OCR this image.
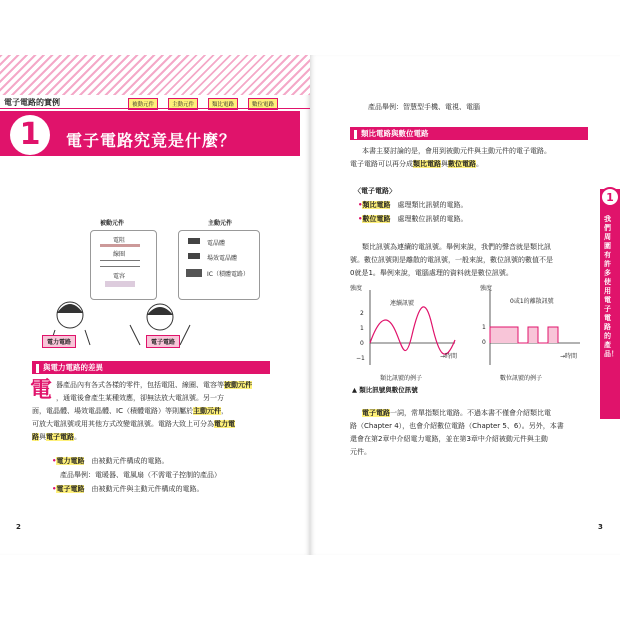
電子電路的實例	被動元件	主動元件	類比電路	數位電路
1	電子電路究竟是什麼？
被動元件	主動元件
電阻
線圈
電容
電晶體
場效電晶體
IC（積體電路）
電力電路	電子電路
與電力電路的差異
電 器產品內有各式各樣的零件，包括電阻、線圈、電容等被動元件
，通電後會產生某種效應，卻無法放大電訊號。另一方
面，電晶體、場效電晶體、IC（積體電路）等則屬於主動元件，
可放大電訊號或用其他方式改變電訊號。電路大致上可分為電力電
路與電子電路。
•電力電路　 由被動元件構成的電路。
產品舉例：電暖器、電風扇（不需電子控制的產品）
•電子電路　 由被動元件與主動元件構成的電路。
2
產品舉例：智慧型手機、電視、電腦
類比電路與數位電路
本書主要討論的是，會用到被動元件與主動元件的電子電路。
電子電路可以再分成類比電路與數位電路。
〈電子電路〉
•類比電路　 處理類比訊號的電路。
•數位電路　 處理數位訊號的電路。
類比訊號為連續的電訊號。舉例來說，我們的聲音就是類比訊
號。數位訊號則是離散的電訊號，一般來說，數位訊號的數值不是
0就是1。舉例來說，電腦處理的資料就是數位訊號。
強度
連續訊號
2
1
0
−1	→時間
類比訊號的例子
強度
0或1的離散訊號
1
0
→時間
數位訊號的例子
▲ 類比訊號與數位訊號
電子電路一詞，常單指類比電路。不過本書不僅會介紹類比電
路（Chapter 4），也會介紹數位電路（Chapter 5、6）。另外，本書
還會在第2章中介紹電力電路，並在第3章中介紹被動元件與主動
元件。
1
我們周圍有許多使用電子電路的產品！
3
